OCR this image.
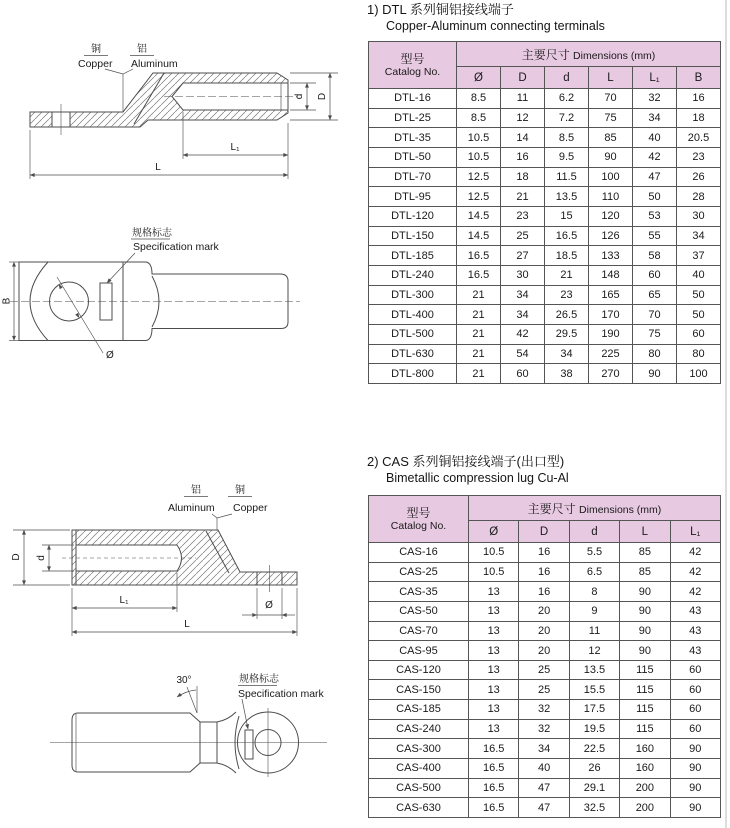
铜
Copper
铝
Aluminum
d D
L₁
L
规格标志
Specification mark
B
Ø
铝
Aluminum
铜
Copper
D d
L₁	Ø
L
30°	规格标志
Specification mark
1) DTL 系列铜铝接线端子
Copper-Aluminum connecting terminals
型号
Catalog No.	主要尺寸 Dimensions (mm)					
	Ø	D	d	L	L₁	B
DTL-16	8.5	11	6.2	70	32	16
DTL-25	8.5	12	7.2	75	34	18
DTL-35	10.5	14	8.5	85	40	20.5
DTL-50	10.5	16	9.5	90	42	23
DTL-70	12.5	18	11.5	100	47	26
DTL-95	12.5	21	13.5	110	50	28
DTL-120	14.5	23	15	120	53	30
DTL-150	14.5	25	16.5	126	55	34
DTL-185	16.5	27	18.5	133	58	37
DTL-240	16.5	30	21	148	60	40
DTL-300	21	34	23	165	65	50
DTL-400	21	34	26.5	170	70	50
DTL-500	21	42	29.5	190	75	60
DTL-630	21	54	34	225	80	80
DTL-800	21	60	38	270	90	100
2) CAS 系列铜铝接线端子(出口型)
Bimetallic compression lug Cu-Al
型号
Catalog No.	主要尺寸 Dimensions (mm)				
	Ø	D	d	L	L₁
CAS-16	10.5	16	5.5	85	42
CAS-25	10.5	16	6.5	85	42
CAS-35	13	16	8	90	42
CAS-50	13	20	9	90	43
CAS-70	13	20	11	90	43
CAS-95	13	20	12	90	43
CAS-120	13	25	13.5	115	60
CAS-150	13	25	15.5	115	60
CAS-185	13	32	17.5	115	60
CAS-240	13	32	19.5	115	60
CAS-300	16.5	34	22.5	160	90
CAS-400	16.5	40	26	160	90
CAS-500	16.5	47	29.1	200	90
CAS-630	16.5	47	32.5	200	90
